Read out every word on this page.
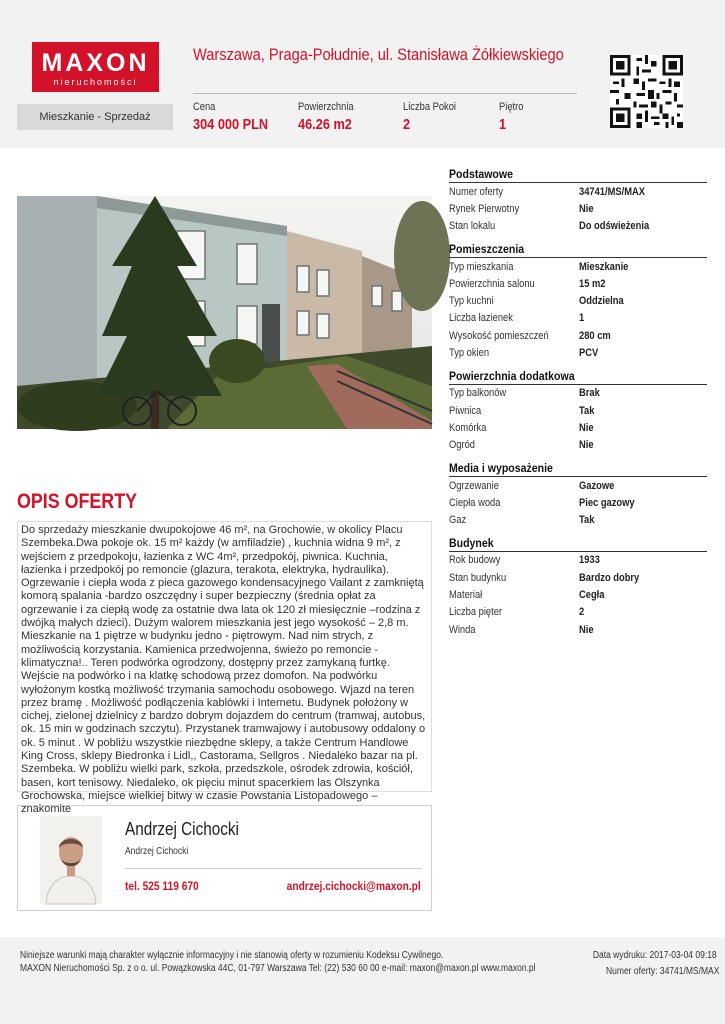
MAXON
nieruchomości
Warszawa, Praga-Południe, ul. Stanisława Żółkiewskiego
Mieszkanie - Sprzedaż
Cena
304 000 PLN
Powierzchnia
46.26 m2
Liczba Pokoi
2
Piętro
1
Podstawowe
Numer oferty	34741/MS/MAX
Rynek Pierwotny	Nie
Stan lokalu	Do odświeżenia
Pomieszczenia
Typ mieszkania	Mieszkanie
Powierzchnia salonu	15 m2
Typ kuchni	Oddzielna
Liczba łazienek	1
Wysokość pomieszczeń	280 cm
Typ okien	PCV
Powierzchnia dodatkowa
Typ balkonów	Brak
Piwnica	Tak
Komórka	Nie
Ogród	Nie
Media i wyposażenie
Ogrzewanie	Gazowe
Ciepła woda	Piec gazowy
Gaz	Tak
Budynek
Rok budowy	1933
Stan budynku	Bardzo dobry
Materiał	Cegła
Liczba pięter	2
Winda	Nie
OPIS OFERTY
Do sprzedaży mieszkanie dwupokojowe 46 m², na Grochowie, w okolicy Placu Szembeka.Dwa pokoje ok. 15 m² każdy (w amfiladzie) , kuchnia widna 9 m², z wejściem z przedpokoju, łazienka z WC 4m², przedpokój, piwnica. Kuchnia, łazienka i przedpokój po remoncie (glazura, terakota, elektryka, hydraulika). Ogrzewanie i ciepła woda z pieca gazowego kondensacyjnego Vailant z zamkniętą komorą spalania -bardzo oszczędny i super bezpieczny (średnia opłat za ogrzewanie i za ciepłą wodę za ostatnie dwa lata ok 120 zł miesięcznie –rodzina z dwójką małych dzieci). Dużym walorem mieszkania jest jego wysokość – 2,8 m. Mieszkanie na 1 piętrze w budynku jedno - piętrowym. Nad nim strych, z możliwością korzystania. Kamienica przedwojenna, świeżo po remoncie - klimatyczna!.. Teren podwórka ogrodzony, dostępny przez zamykaną furtkę. Wejście na podwórko i na klatkę schodową przez domofon. Na podwórku wyłożonym kostką możliwość trzymania samochodu osobowego. Wjazd na teren przez bramę . Możliwość podłączenia kablówki i Internetu. Budynek położony w cichej, zielonej dzielnicy z bardzo dobrym dojazdem do centrum (tramwaj, autobus, ok. 15 min w godzinach szczytu). Przystanek tramwajowy i autobusowy oddalony o ok. 5 minut . W pobliżu wszystkie niezbędne sklepy, a także Centrum Handlowe King Cross, sklepy Biedronka i Lidl,, Castorama, Sellgros . Niedaleko bazar na pl. Szembeka. W pobliżu wielki park, szkoła, przedszkole, ośrodek zdrowia, kościół, basen, kort tenisowy. Niedaleko, ok pięciu minut spacerkiem las Olszynka Grochowska, miejsce wielkiej bitwy w czasie Powstania Listopadowego – znakomite
Andrzej Cichocki
Andrzej Cichocki
tel. 525 119 670	andrzej.cichocki@maxon.pl
Niniejsze warunki mają charakter wyłącznie informacyjny i nie stanowią oferty w rozumieniu Kodeksu Cywilnego.
MAXON Nieruchomości Sp. z o o. ul. Powązkowska 44C, 01-797 Warszawa Tel: (22) 530 60 00 e-mail: maxon@maxon.pl www.maxon.pl
Data wydruku: 2017-03-04 09:18
Numer oferty: 34741/MS/MAX
